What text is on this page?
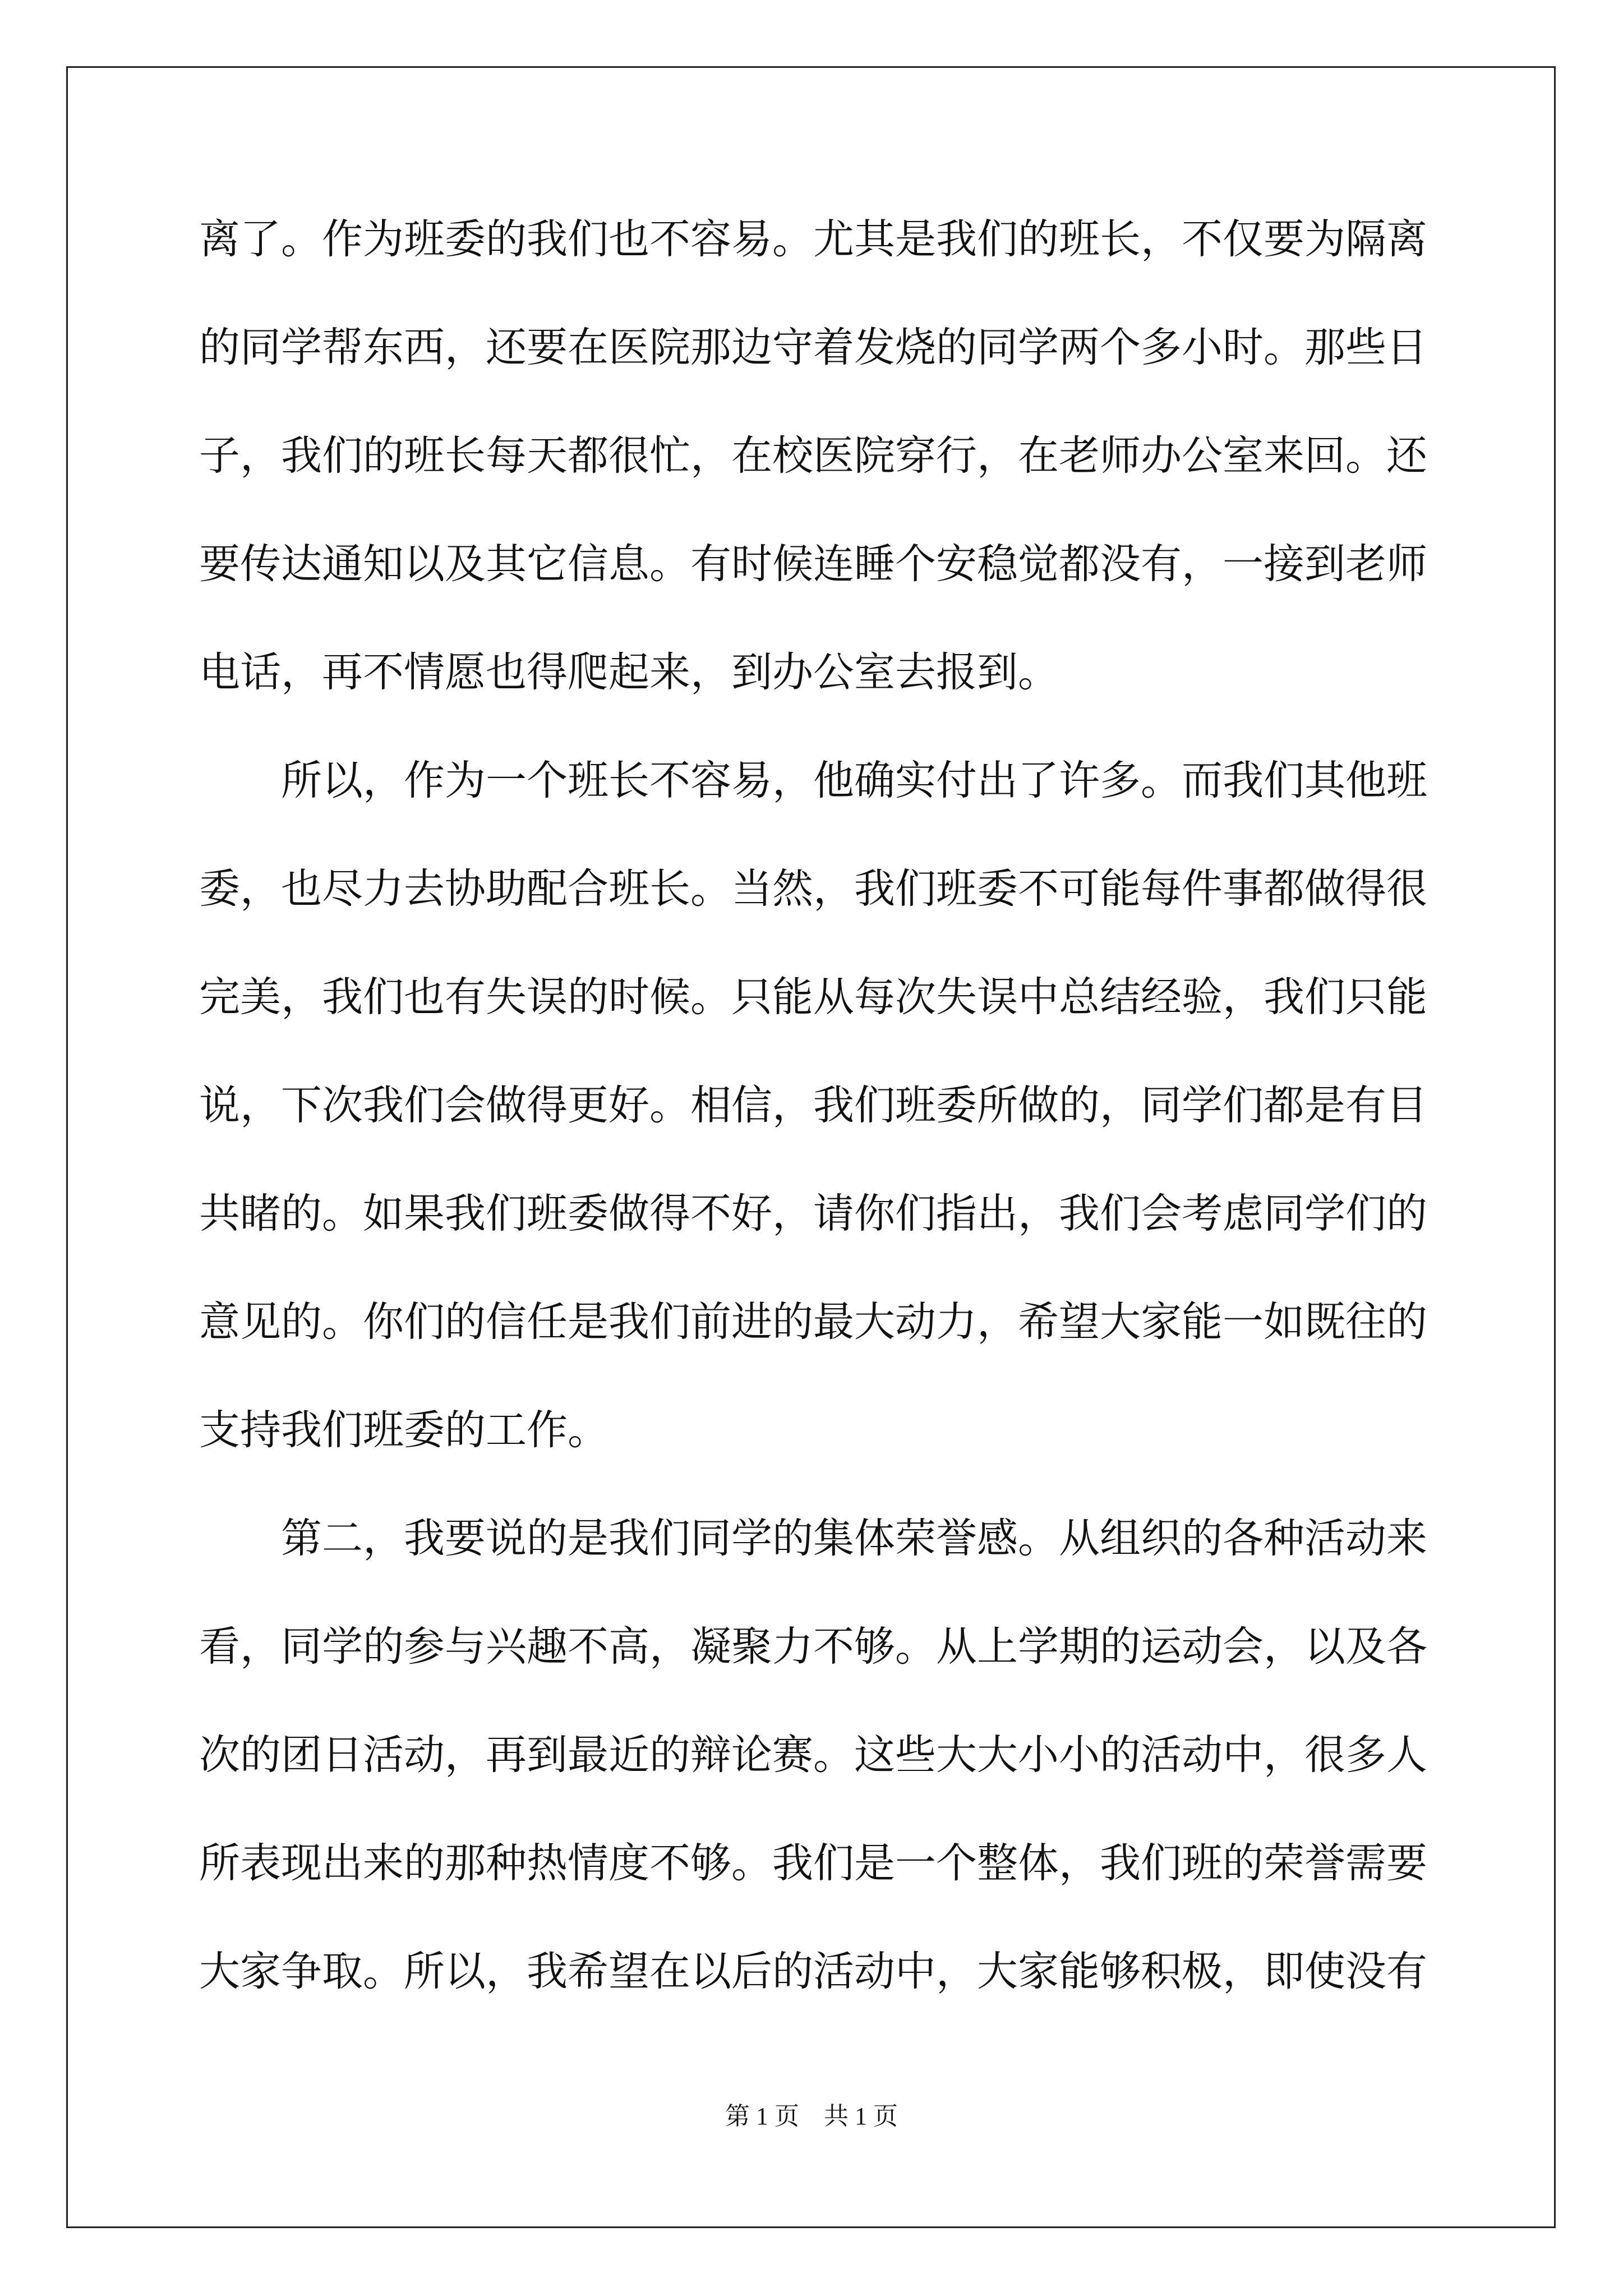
离了。作为班委的我们也不容易。尤其是我们的班长，不仅要为隔离
的同学帮东西，还要在医院那边守着发烧的同学两个多小时。那些日
子，我们的班长每天都很忙，在校医院穿行，在老师办公室来回。还
要传达通知以及其它信息。有时候连睡个安稳觉都没有，一接到老师
电话，再不情愿也得爬起来，到办公室去报到。
所以，作为一个班长不容易，他确实付出了许多。而我们其他班
委，也尽力去协助配合班长。当然，我们班委不可能每件事都做得很
完美，我们也有失误的时候。只能从每次失误中总结经验，我们只能
说，下次我们会做得更好。相信，我们班委所做的，同学们都是有目
共睹的。如果我们班委做得不好，请你们指出，我们会考虑同学们的
意见的。你们的信任是我们前进的最大动力，希望大家能一如既往的
支持我们班委的工作。
第二，我要说的是我们同学的集体荣誉感。从组织的各种活动来
看，同学的参与兴趣不高，凝聚力不够。从上学期的运动会，以及各
次的团日活动，再到最近的辩论赛。这些大大小小的活动中，很多人
所表现出来的那种热情度不够。我们是一个整体，我们班的荣誉需要
大家争取。所以，我希望在以后的活动中，大家能够积极，即使没有
第 1 页　共 1 页
